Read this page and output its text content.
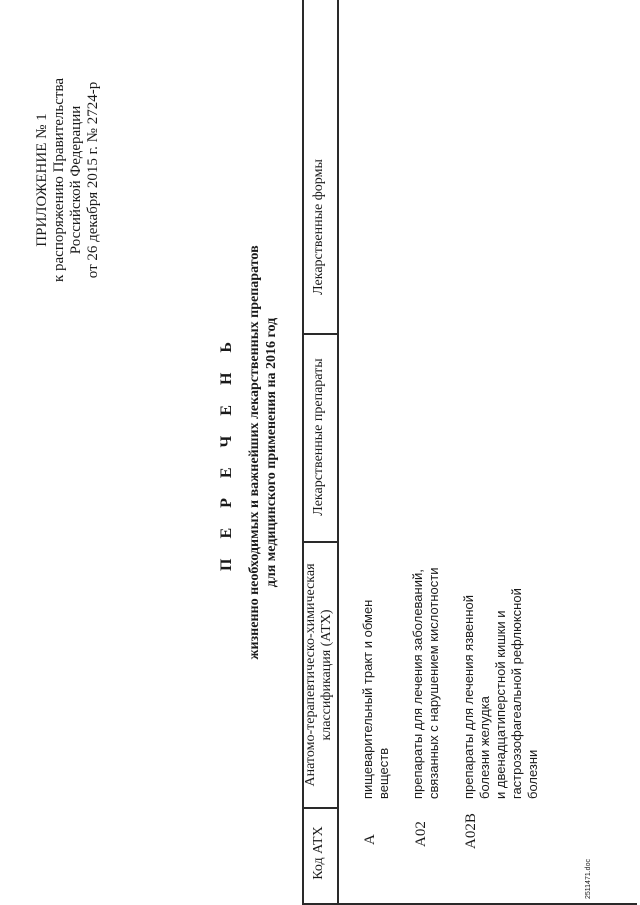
ПРИЛОЖЕНИЕ № 1 к распоряжению Правительства Российской Федерации от 26 декабря 2015 г. № 2724-р
П Е Р Е Ч Е Н Ь жизненно необходимых и важнейших лекарственных препаратов для медицинского применения на 2016 год
Код АТХ
Анатомо-терапевтическо-химическая классификация (АТХ)
Лекарственные препараты
Лекарственные формы
A
пищеварительный тракт и обмен веществ
A02
препараты для лечения заболеваний, связанных с нарушением кислотности
A02B
препараты для лечения язвенной болезни желудка и двенадцатиперстной кишки и гастроэзофагеальной рефлюксной болезни
2511471.doc
